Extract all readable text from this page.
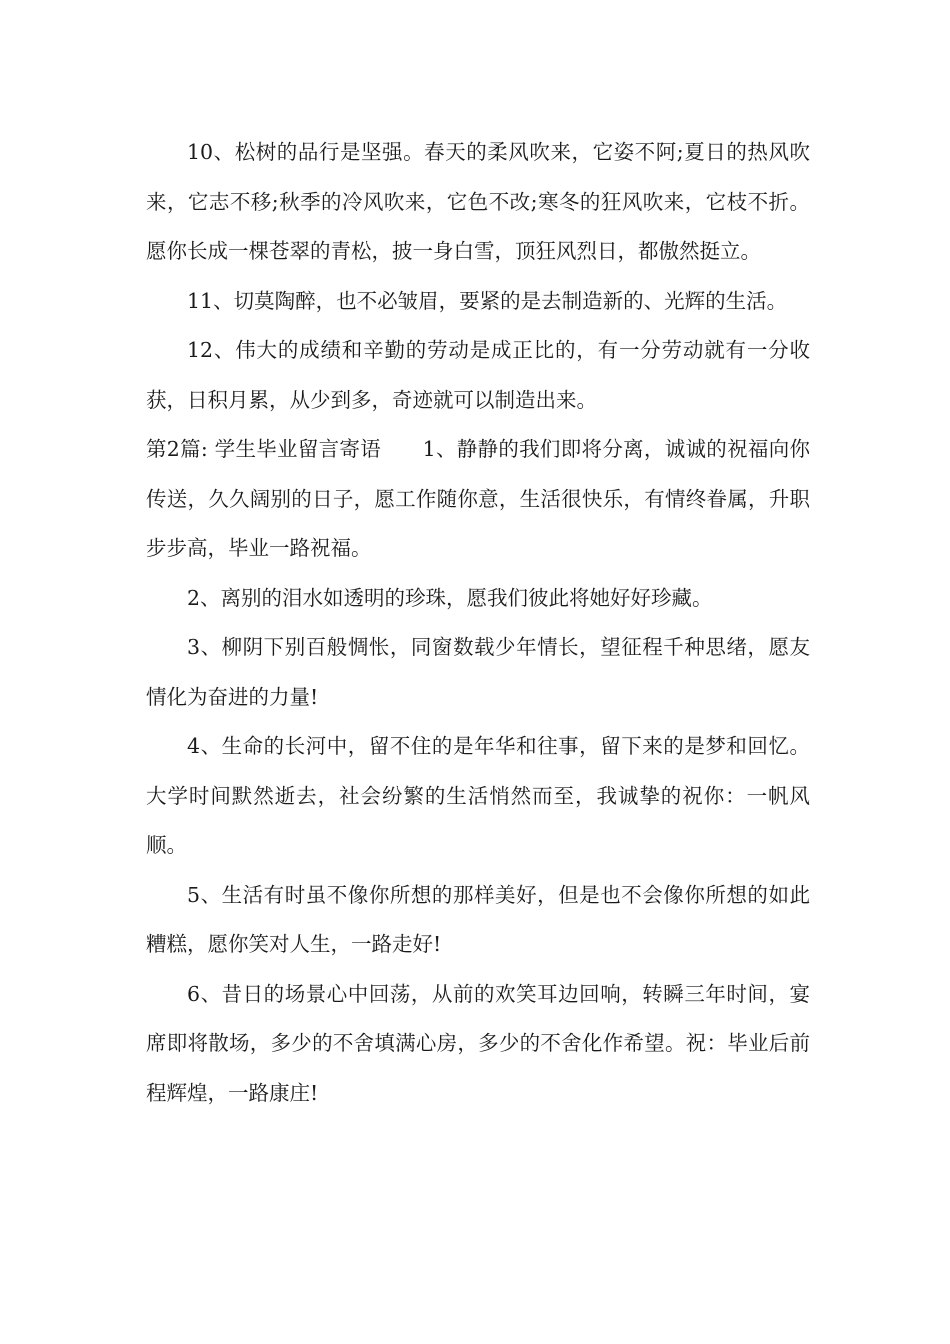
10、松树的品行是坚强。春天的柔风吹来，它姿不阿;夏日的热风吹来，它志不移;秋季的冷风吹来，它色不改;寒冬的狂风吹来，它枝不折。愿你长成一棵苍翠的青松，披一身白雪，顶狂风烈日，都傲然挺立。

11、切莫陶醉，也不必皱眉，要紧的是去制造新的、光辉的生活。

12、伟大的成绩和辛勤的劳动是成正比的，有一分劳动就有一分收获，日积月累，从少到多，奇迹就可以制造出来。

第2篇: 学生毕业留言寄语　　1、静静的我们即将分离，诚诚的祝福向你传送，久久阔别的日子，愿工作随你意，生活很快乐，有情终眷属，升职步步高，毕业一路祝福。

2、离别的泪水如透明的珍珠，愿我们彼此将她好好珍藏。

3、柳阴下别百般惆怅，同窗数载少年情长，望征程千种思绪，愿友情化为奋进的力量!

4、生命的长河中，留不住的是年华和往事，留下来的是梦和回忆。大学时间默然逝去，社会纷繁的生活悄然而至，我诚挚的祝你：一帆风顺。

5、生活有时虽不像你所想的那样美好，但是也不会像你所想的如此糟糕，愿你笑对人生，一路走好!

6、昔日的场景心中回荡，从前的欢笑耳边回响，转瞬三年时间，宴席即将散场，多少的不舍填满心房，多少的不舍化作希望。祝：毕业后前程辉煌，一路康庄!
